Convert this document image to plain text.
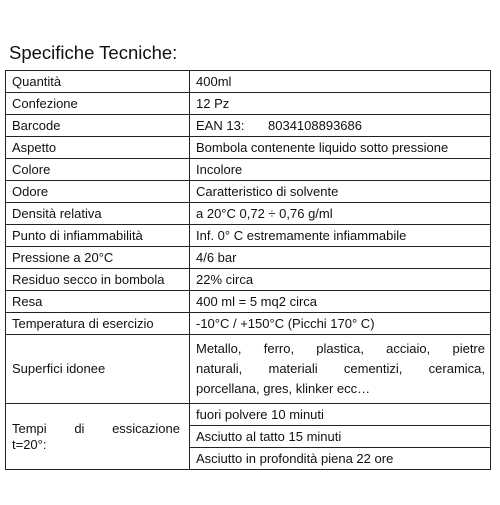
Specifiche Tecniche:
Quantità	400ml
Confezione	12 Pz
Barcode	EAN 13: 8034108893686
Aspetto	Bombola contenente liquido sotto pressione
Colore	Incolore
Odore	Caratteristico di solvente
Densità relativa	a 20°C 0,72 ÷ 0,76 g/ml
Punto di infiammabilità	Inf. 0° C estremamente infiammabile
Pressione a 20°C	4/6 bar
Residuo secco in bombola	22% circa
Resa	400 ml = 5 mq2 circa
Temperatura di esercizio	-10°C / +150°C (Picchi 170° C)
Superfici idonee	Metallo, ferro, plastica, acciaio, pietre
naturali, materiali cementizi, ceramica,
porcellana, gres, klinker ecc…

Tempi di essicazione
t=20°:	fuori polvere 10 minuti
	Asciutto al tatto 15 minuti
	Asciutto in profondità piena 22 ore
